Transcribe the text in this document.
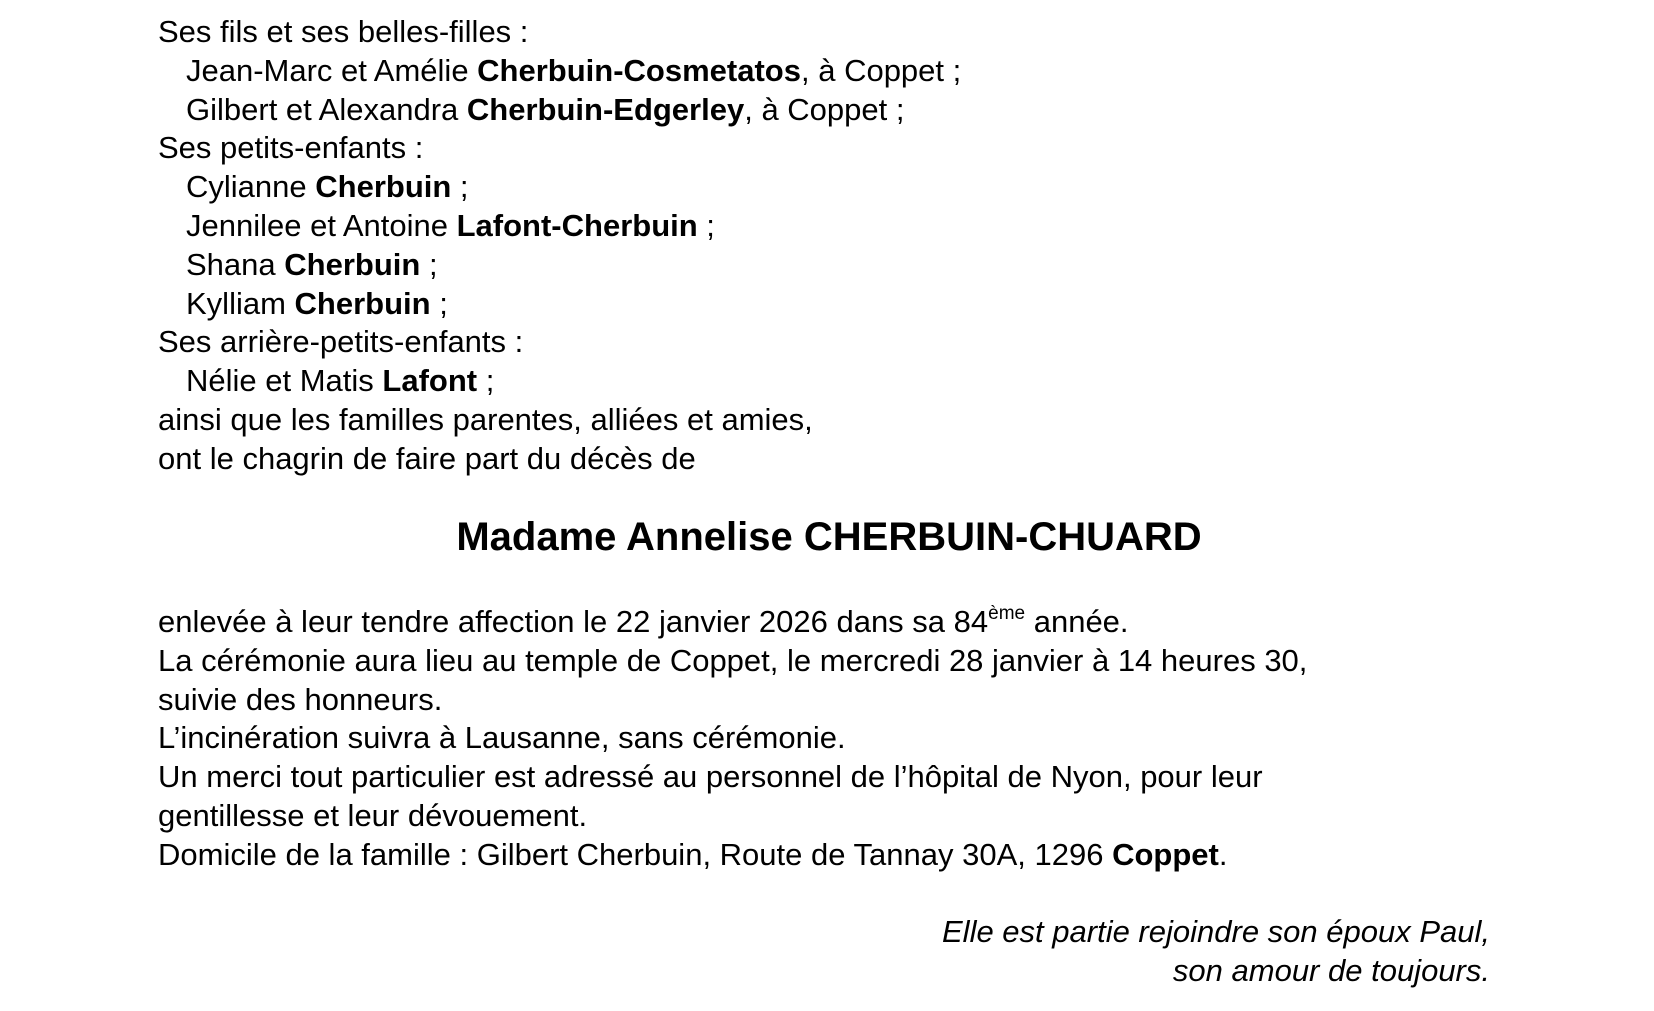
Ses fils et ses belles-filles :
Jean-Marc et Amélie Cherbuin-Cosmetatos, à Coppet ;
Gilbert et Alexandra Cherbuin-Edgerley, à Coppet ;
Ses petits-enfants :
Cylianne Cherbuin ;
Jennilee et Antoine Lafont-Cherbuin ;
Shana Cherbuin ;
Kylliam Cherbuin ;
Ses arrière-petits-enfants :
Nélie et Matis Lafont ;
ainsi que les familles parentes, alliées et amies,
ont le chagrin de faire part du décès de
Madame Annelise CHERBUIN-CHUARD
enlevée à leur tendre affection le 22 janvier 2026 dans sa 84ème année.
La cérémonie aura lieu au temple de Coppet, le mercredi 28 janvier à 14 heures 30,
suivie des honneurs.
L’incinération suivra à Lausanne, sans cérémonie.
Un merci tout particulier est adressé au personnel de l’hôpital de Nyon, pour leur
gentillesse et leur dévouement.
Domicile de la famille : Gilbert Cherbuin, Route de Tannay 30A, 1296 Coppet.
Elle est partie rejoindre son époux Paul,
son amour de toujours.
